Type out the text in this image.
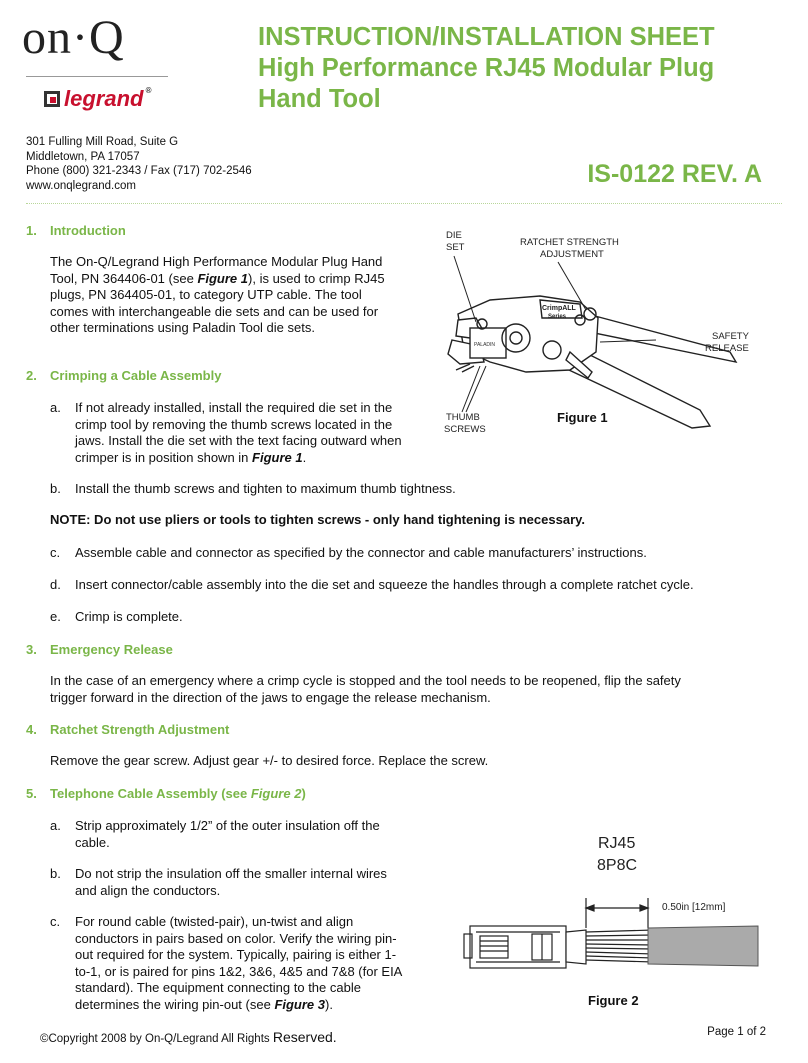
on·Q
legrand ®
INSTRUCTION/INSTALLATION SHEET
High Performance RJ45 Modular Plug
Hand Tool
301 Fulling Mill Road, Suite G
Middletown, PA 17057
Phone (800) 321-2343 / Fax (717) 702-2546
www.onqlegrand.com	IS-0122 REV. A
1. Introduction
The On-Q/Legrand High Performance Modular Plug Hand
Tool, PN 364406-01 (see Figure 1), is used to crimp RJ45
plugs, PN 364405-01, to category UTP cable. The tool
comes with interchangeable die sets and can be used for
other terminations using Paladin Tool die sets.
2. Crimping a Cable Assembly
a. If not already installed, install the required die set in the
crimp tool by removing the thumb screws located in the
jaws. Install the die set with the text facing outward when
crimper is in position shown in Figure 1.
b. Install the thumb screws and tighten to maximum thumb tightness.
NOTE: Do not use pliers or tools to tighten screws - only hand tightening is necessary.
c. Assemble cable and connector as specified by the connector and cable manufacturers’ instructions.
d. Insert connector/cable assembly into the die set and squeeze the handles through a complete ratchet cycle.
e. Crimp is complete.
3. Emergency Release
In the case of an emergency where a crimp cycle is stopped and the tool needs to be reopened, flip the safety
trigger forward in the direction of the jaws to engage the release mechanism.
4. Ratchet Strength Adjustment
Remove the gear screw. Adjust gear +/- to desired force. Replace the screw.
5. Telephone Cable Assembly (see Figure 2)
a. Strip approximately 1/2” of the outer insulation off the
cable.
b. Do not strip the insulation off the smaller internal wires
and align the conductors.
c. For round cable (twisted-pair), un-twist and align
conductors in pairs based on color. Verify the wiring pin-
out required for the system. Typically, pairing is either 1-
to-1, or is paired for pins 1&2, 3&6, 4&5 and 7&8 (for EIA
standard). The equipment connecting to the cable
determines the wiring pin-out (see Figure 3).
PALADIN
CrimpALL
Series
DIE
SET	RATCHET STRENGTH
ADJUSTMENT
SAFETY
RELEASE
THUMB
SCREWS
Figure 1
RJ45
8P8C
0.50in [12mm]
Figure 2
©Copyright 2008 by On-Q/Legrand All Rights Reserved.	Page 1 of 2
